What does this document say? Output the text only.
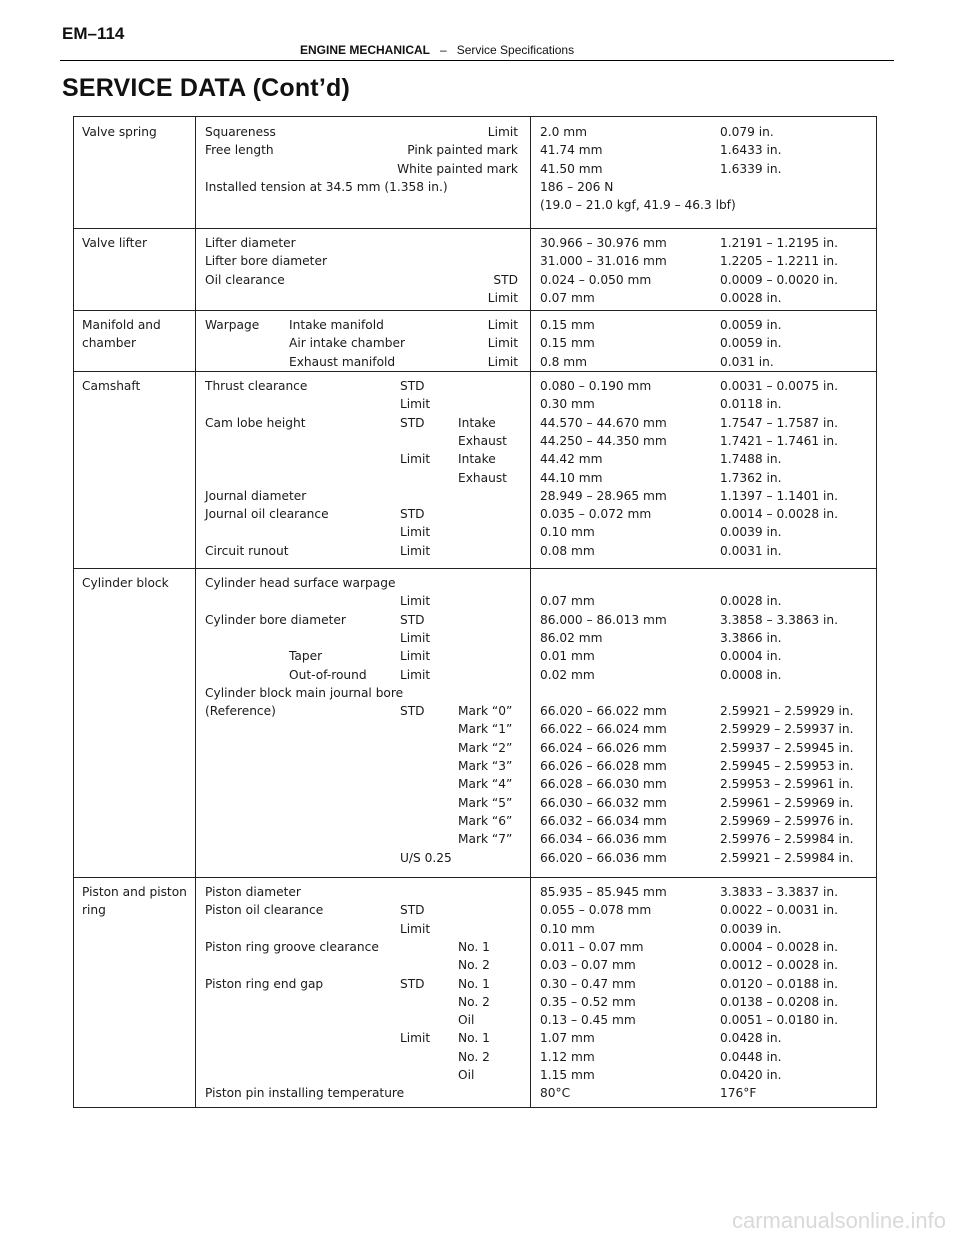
EM–114
ENGINE MECHANICAL – Service Specifications
SERVICE DATA (Cont’d)
Valve spring	Squareness	Limit 2.0 mm	0.079 in.
Free length	Pink painted mark 41.74 mm	1.6433 in.
White painted mark 41.50 mm	1.6339 in.
Installed tension at 34.5 mm (1.358 in.)	186 – 206 N
(19.0 – 21.0 kgf, 41.9 – 46.3 lbf)
Valve lifter	Lifter diameter	30.966 – 30.976 mm	1.2191 – 1.2195 in.
Lifter bore diameter	31.000 – 31.016 mm	1.2205 – 1.2211 in.
Oil clearance	STD 0.024 – 0.050 mm	0.0009 – 0.0020 in.
Limit 0.07 mm	0.0028 in.
Manifold and
chamber
Warpage Intake manifold	Limit 0.15 mm	0.0059 in.
Air intake chamber	Limit 0.15 mm	0.0059 in.
Exhaust manifold	Limit 0.8 mm	0.031 in.
Camshaft	Thrust clearance	STD	0.080 – 0.190 mm	0.0031 – 0.0075 in.
Limit	0.30 mm	0.0118 in.
Cam lobe height	STD	Intake	44.570 – 44.670 mm	1.7547 – 1.7587 in.
Exhaust	44.250 – 44.350 mm	1.7421 – 1.7461 in.
Limit Intake	44.42 mm	1.7488 in.
Exhaust	44.10 mm	1.7362 in.
Journal diameter	28.949 – 28.965 mm	1.1397 – 1.1401 in.
Journal oil clearance	STD	0.035 – 0.072 mm	0.0014 – 0.0028 in.
Limit	0.10 mm	0.0039 in.
Circuit runout	Limit	0.08 mm	0.0031 in.
Cylinder block	Cylinder head surface warpage
Limit	0.07 mm	0.0028 in.
Cylinder bore diameter	STD	86.000 – 86.013 mm	3.3858 – 3.3863 in.
Limit	86.02 mm	3.3866 in.
Taper	Limit	0.01 mm	0.0004 in.
Out-of-round	Limit	0.02 mm	0.0008 in.
Cylinder block main journal bore
(Reference)	STD	Mark “0” 66.020 – 66.022 mm	2.59921 – 2.59929 in.
Mark “1” 66.022 – 66.024 mm	2.59929 – 2.59937 in.
Mark “2” 66.024 – 66.026 mm	2.59937 – 2.59945 in.
Mark “3” 66.026 – 66.028 mm	2.59945 – 2.59953 in.
Mark “4” 66.028 – 66.030 mm	2.59953 – 2.59961 in.
Mark “5” 66.030 – 66.032 mm	2.59961 – 2.59969 in.
Mark “6” 66.032 – 66.034 mm	2.59969 – 2.59976 in.
Mark “7” 66.034 – 66.036 mm	2.59976 – 2.59984 in.
U/S 0.25	66.020 – 66.036 mm	2.59921 – 2.59984 in.
Piston and piston
ring
Piston diameter	85.935 – 85.945 mm	3.3833 – 3.3837 in.
Piston oil clearance	STD	0.055 – 0.078 mm	0.0022 – 0.0031 in.
Limit	0.10 mm	0.0039 in.
Piston ring groove clearance	No. 1	0.011 – 0.07 mm	0.0004 – 0.0028 in.
No. 2	0.03 – 0.07 mm	0.0012 – 0.0028 in.
Piston ring end gap	STD	No. 1	0.30 – 0.47 mm	0.0120 – 0.0188 in.
No. 2	0.35 – 0.52 mm	0.0138 – 0.0208 in.
Oil	0.13 – 0.45 mm	0.0051 – 0.0180 in.
Limit No. 1	1.07 mm	0.0428 in.
No. 2	1.12 mm	0.0448 in.
Oil	1.15 mm	0.0420 in.
Piston pin installing temperature	80°C	176°F
carmanualsonline.info
